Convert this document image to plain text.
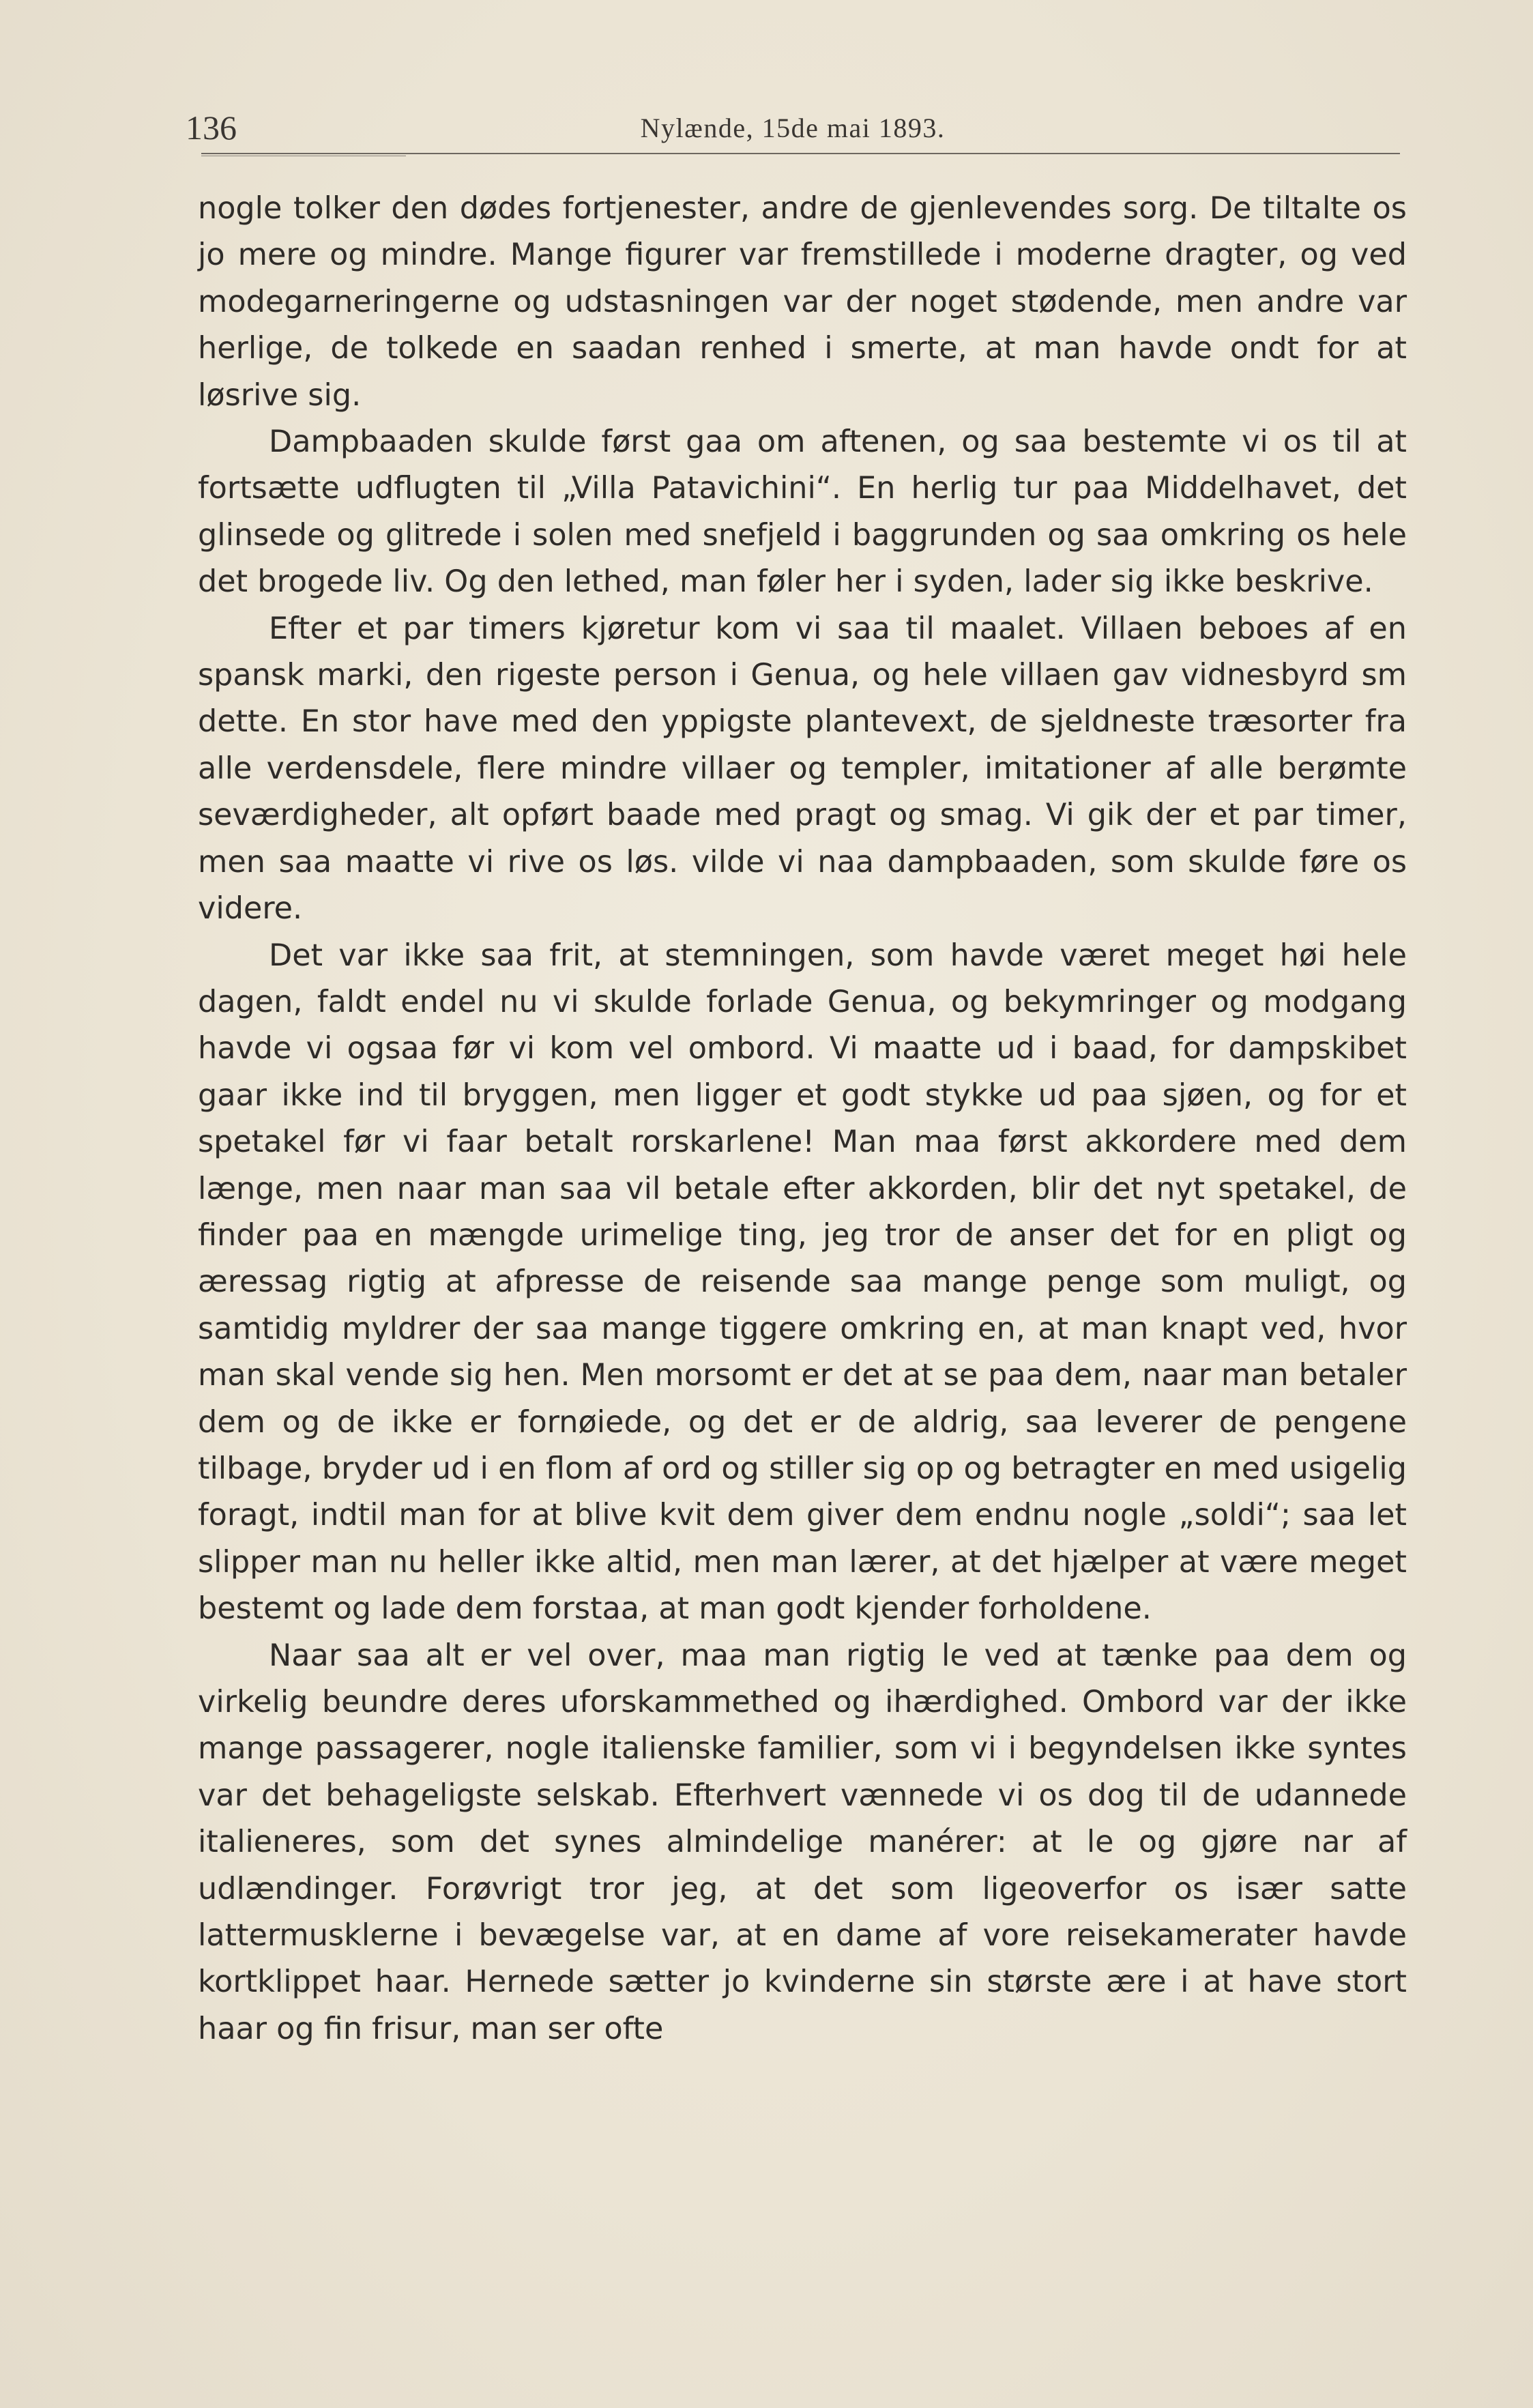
136	Nylænde, 15de mai 1893.

nogle tolker den dødes fortjenester, andre de gjenlevendes sorg. De tiltalte os jo mere og mindre. Mange figurer var fremstillede i moderne dragter, og ved modegarneringerne og udstasningen var der noget stødende, men andre var herlige, de tolkede en saadan renhed i smerte, at man havde ondt for at løsrive sig.

Dampbaaden skulde først gaa om aftenen, og saa bestemte vi os til at fortsætte udflugten til „Villa Patavichini“. En herlig tur paa Middelhavet, det glinsede og glitrede i solen med snefjeld i baggrunden og saa omkring os hele det brogede liv. Og den lethed, man føler her i syden, lader sig ikke beskrive.

Efter et par timers kjøretur kom vi saa til maalet. Villaen beboes af en spansk marki, den rigeste person i Genua, og hele villaen gav vidnesbyrd sm dette. En stor have med den yppigste plantevext, de sjeldneste træsorter fra alle verdensdele, flere mindre villaer og templer, imitationer af alle berømte seværdigheder, alt opført baade med pragt og smag. Vi gik der et par timer, men saa maatte vi rive os løs. vilde vi naa dampbaaden, som skulde føre os videre.

Det var ikke saa frit, at stemningen, som havde været meget høi hele dagen, faldt endel nu vi skulde forlade Genua, og bekymringer og modgang havde vi ogsaa før vi kom vel ombord. Vi maatte ud i baad, for dampskibet gaar ikke ind til bryggen, men ligger et godt stykke ud paa sjøen, og for et spetakel før vi faar betalt rorskarlene! Man maa først akkordere med dem længe, men naar man saa vil betale efter akkorden, blir det nyt spetakel, de finder paa en mængde urimelige ting, jeg tror de anser det for en pligt og æressag rigtig at afpresse de reisende saa mange penge som muligt, og samtidig myldrer der saa mange tiggere omkring en, at man knapt ved, hvor man skal vende sig hen. Men morsomt er det at se paa dem, naar man betaler dem og de ikke er fornøiede, og det er de aldrig, saa leverer de pengene tilbage, bryder ud i en flom af ord og stiller sig op og betragter en med usigelig foragt, indtil man for at blive kvit dem giver dem endnu nogle „soldi“; saa let slipper man nu heller ikke altid, men man lærer, at det hjælper at være meget bestemt og lade dem forstaa, at man godt kjender forholdene.

Naar saa alt er vel over, maa man rigtig le ved at tænke paa dem og virkelig beundre deres uforskammethed og ihærdighed. Ombord var der ikke mange passagerer, nogle italienske familier, som vi i begyndelsen ikke syntes var det behageligste selskab. Efterhvert vænnede vi os dog til de udannede italieneres, som det synes almindelige manérer: at le og gjøre nar af udlændinger. Forøvrigt tror jeg, at det som ligeoverfor os især satte lattermusklerne i bevægelse var, at en dame af vore reisekamerater havde kortklippet haar. Hernede sætter jo kvinderne sin største ære i at have stort haar og fin frisur, man ser ofte
